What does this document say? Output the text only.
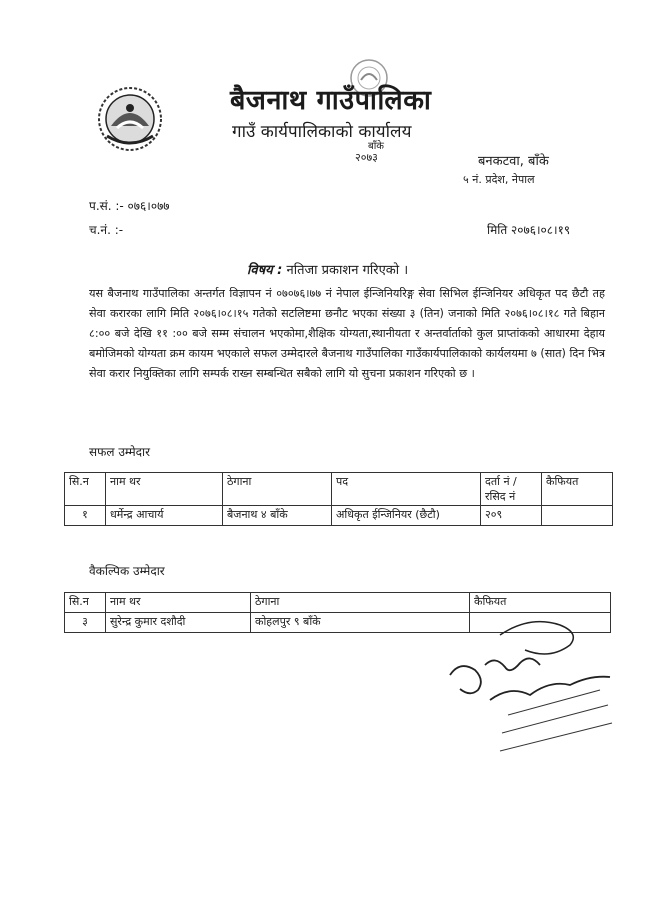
बैजनाथ गाउँपालिका
गाउँ कार्यपालिकाको कार्यालय
बाँके
२०७३	बनकटवा, बाँके
५ नं. प्रदेश, नेपाल
प.सं. :- ०७६।०७७
च.नं. :-	मिति २०७६।०८।१९
विषय : नतिजा प्रकाशन गरिएको ।
यस बैजनाथ गाउँपालिका अन्तर्गत विज्ञापन नं ०७०७६।७७ नं नेपाल ईन्जिनियरिङ्ग सेवा सिभिल ईन्जिनियर अधिकृत पद छैटौ तह सेवा करारका लागि मिति २०७६।०८।१५ गतेको सटलिष्टमा छनौट भएका संख्या ३ (तिन) जनाको मिति २०७६।०८।१८ गते बिहान ८:०० बजे देखि ११ :०० बजे सम्म संचालन भएकोमा,शैक्षिक योग्यता,स्थानीयता र अन्तर्वार्ताको कुल प्राप्तांकको आधारमा देहाय बमोजिमको योग्यता क्रम कायम भएकाले सफल उम्मेदारले बैजनाथ गाउँपालिका गाउँकार्यपालिकाको कार्यलयमा ७ (सात) दिन भित्र सेवा करार नियुक्तिका लागि सम्पर्क राख्न सम्बन्धित सबैको लागि यो सुचना प्रकाशन गरिएको छ ।
सफल उम्मेदार
सि.न	नाम थर	ठेगाना	पद	दर्ता नं / रसिद नं	कैफियत
१	धर्मेन्द्र आचार्य	बैजनाथ ४ बाँके	अधिकृत ईन्जिनियर (छैटौ)	२०९	
वैकल्पिक उम्मेदार
सि.न	नाम थर	ठेगाना	कैफियत
३	सुरेन्द्र कुमार दशौदी	कोहलपुर ९ बाँके	
